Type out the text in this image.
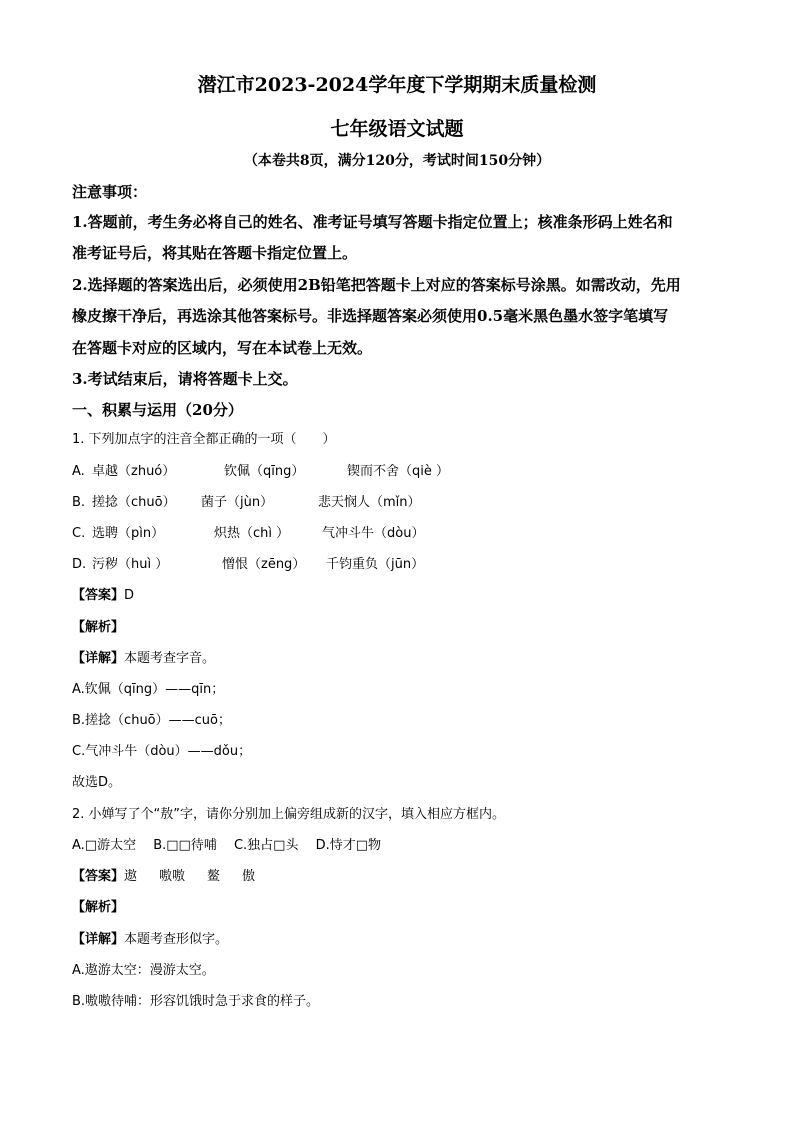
潜江市2023-2024学年度下学期期末质量检测
七年级语文试题
（本卷共8页，满分120分，考试时间150分钟）
注意事项：
1.答题前，考生务必将自己的姓名、准考证号填写答题卡指定位置上；核准条形码上姓名和
准考证号后，将其贴在答题卡指定位置上。
2.选择题的答案选出后，必须使用2B铅笔把答题卡上对应的答案标号涂黑。如需改动，先用
橡皮擦干净后，再选涂其他答案标号。非选择题答案必须使用0.5毫米黑色墨水签字笔填写
在答题卡对应的区域内，写在本试卷上无效。
3.考试结束后，请将答题卡上交。
一、积累与运用（20分）
1. 下列加点字的注音全都正确的一项（　　）
A. 卓越（zhuó）	钦佩（qīng）	锲而不舍（qiè ）
B. 搓捻（chuō） 菌子（jùn）	悲天悯人（mǐn）
C. 选聘（pìn）	炽热（chì ）	气冲斗牛（dòu）
D. 污秽（huì ）	憎恨（zēng） 千钧重负（jūn）
【答案】D
【解析】
【详解】本题考查字音。
A.钦佩（qīng）——qīn；
B.搓捻（chuō）——cuō；
C.气冲斗牛（dòu）——dǒu；
故选D。
2. 小婵写了个“敖”字，请你分别加上偏旁组成新的汉字，填入相应方框内。
A.□游太空　 B.□□待哺　 C.独占□头　 D.恃才□物
【答案】遨 嗷嗷 鳌 傲
【解析】
【详解】本题考查形似字。
A.遨游太空：漫游太空。
B.嗷嗷待哺：形容饥饿时急于求食的样子。
